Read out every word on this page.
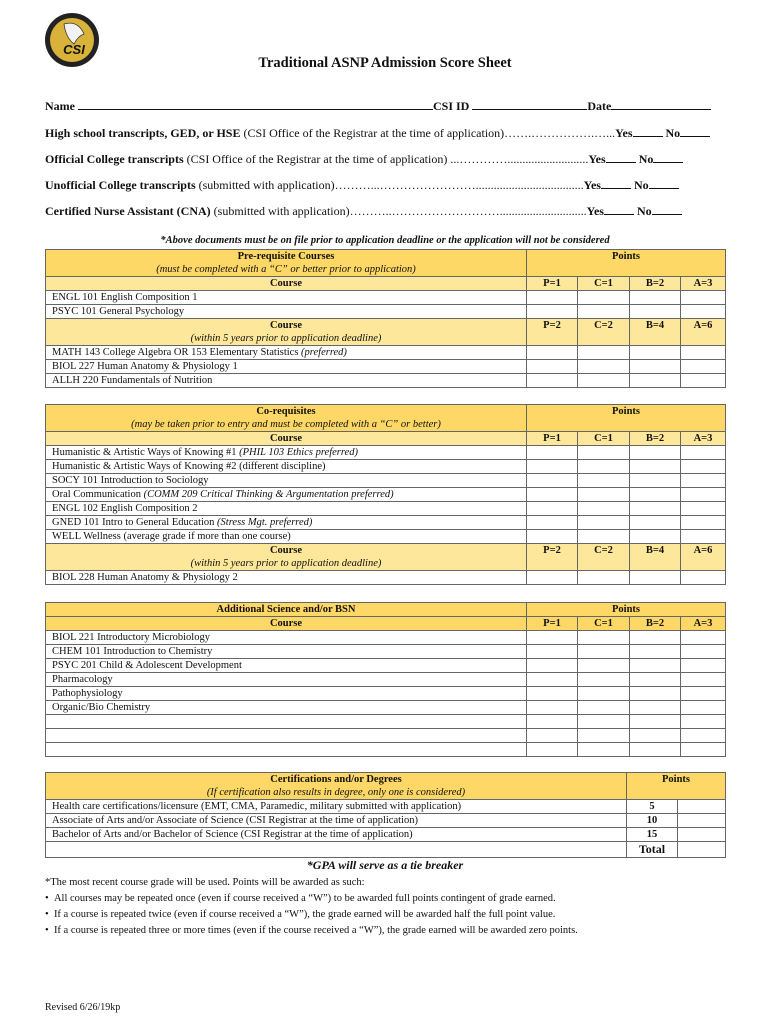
CSI
Traditional ASNP Admission Score Sheet
Name	CSI ID	Date
High school transcripts, GED, or HSE (CSI Office of the Registrar at the time of application)…….…………….…...Yes	No
Official College transcripts (CSI Office of the Registrar at the time of application) ...…………...........................Yes	No
Unofficial College transcripts (submitted with application)………...……………………....................................Yes	No
Certified Nurse Assistant (CNA) (submitted with application)………..……………………….............................Yes	No
*Above documents must be on file prior to application deadline or the application will not be considered
Pre-requisite Courses
(must be completed with a “C” or better prior to application)	Points			
Course	P=1	C=1	B=2	A=3
ENGL 101 English Composition 1				
PSYC 101 General Psychology				

Course
(within 5 years prior to application deadline)	P=2	C=2	B=4	A=6
MATH 143 College Algebra OR 153 Elementary Statistics (preferred)				
BIOL 227 Human Anatomy & Physiology 1				
ALLH 220 Fundamentals of Nutrition				
Co-requisites
(may be taken prior to entry and must be completed with a “C” or better)	Points			
Course	P=1	C=1	B=2	A=3
Humanistic & Artistic Ways of Knowing #1 (PHIL 103 Ethics preferred)				
Humanistic & Artistic Ways of Knowing #2 (different discipline)				
SOCY 101 Introduction to Sociology				
Oral Communication (COMM 209 Critical Thinking & Argumentation preferred)				
ENGL 102 English Composition 2				
GNED 101 Intro to General Education (Stress Mgt. preferred)				
WELL Wellness (average grade if more than one course)				

Course
(within 5 years prior to application deadline)	P=2	C=2	B=4	A=6
BIOL 228 Human Anatomy & Physiology 2				
Additional Science and/or BSN	Points			
Course	P=1	C=1	B=2	A=3
BIOL 221 Introductory Microbiology				
CHEM 101 Introduction to Chemistry				
PSYC 201 Child & Adolescent Development				
Pharmacology				
Pathophysiology				
Organic/Bio Chemistry				

Certifications and/or Degrees
(If certification also results in degree, only one is considered)	Points	
Health care certifications/licensure (EMT, CMA, Paramedic, military submitted with application)	5	
Associate of Arts and/or Associate of Science (CSI Registrar at the time of application)	10	
Bachelor of Arts and/or Bachelor of Science (CSI Registrar at the time of application)	15	
	Total	
*GPA will serve as a tie breaker
*The most recent course grade will be used. Points will be awarded as such:
•  All courses may be repeated once (even if course received a “W”) to be awarded full points contingent of grade earned.
•  If a course is repeated twice (even if course received a “W”), the grade earned will be awarded half the full point value.
•  If a course is repeated three or more times (even if the course received a “W”), the grade earned will be awarded zero points.
Revised 6/26/19kp
